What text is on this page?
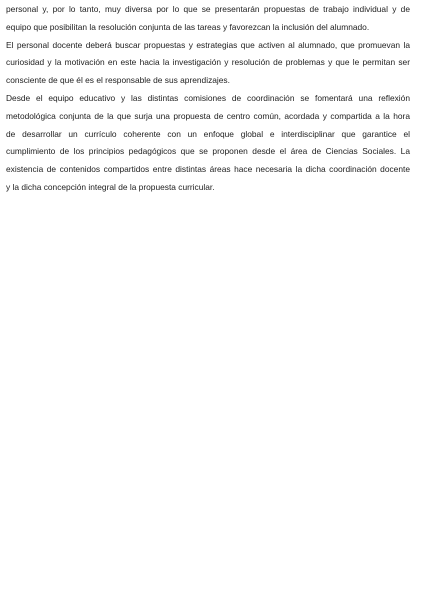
personal y, por lo tanto, muy diversa por lo que se presentarán propuestas de trabajo individual y de
equipo que posibilitan la resolución conjunta de las tareas y favorezcan la inclusión del alumnado.
El personal docente deberá buscar propuestas y estrategias que activen al alumnado, que promuevan la
curiosidad y la motivación en este hacia la investigación y resolución de problemas y que le permitan ser
consciente de que él es el responsable de sus aprendizajes.
Desde el equipo educativo y las distintas comisiones de coordinación se fomentará una reflexión
metodológica conjunta de la que surja una propuesta de centro común, acordada y compartida a la hora
de desarrollar un currículo coherente con un enfoque global e interdisciplinar que garantice el
cumplimiento de los principios pedagógicos que se proponen desde el área de Ciencias Sociales. La
existencia de contenidos compartidos entre distintas áreas hace necesaria la dicha coordinación docente
y la dicha concepción integral de la propuesta curricular.
